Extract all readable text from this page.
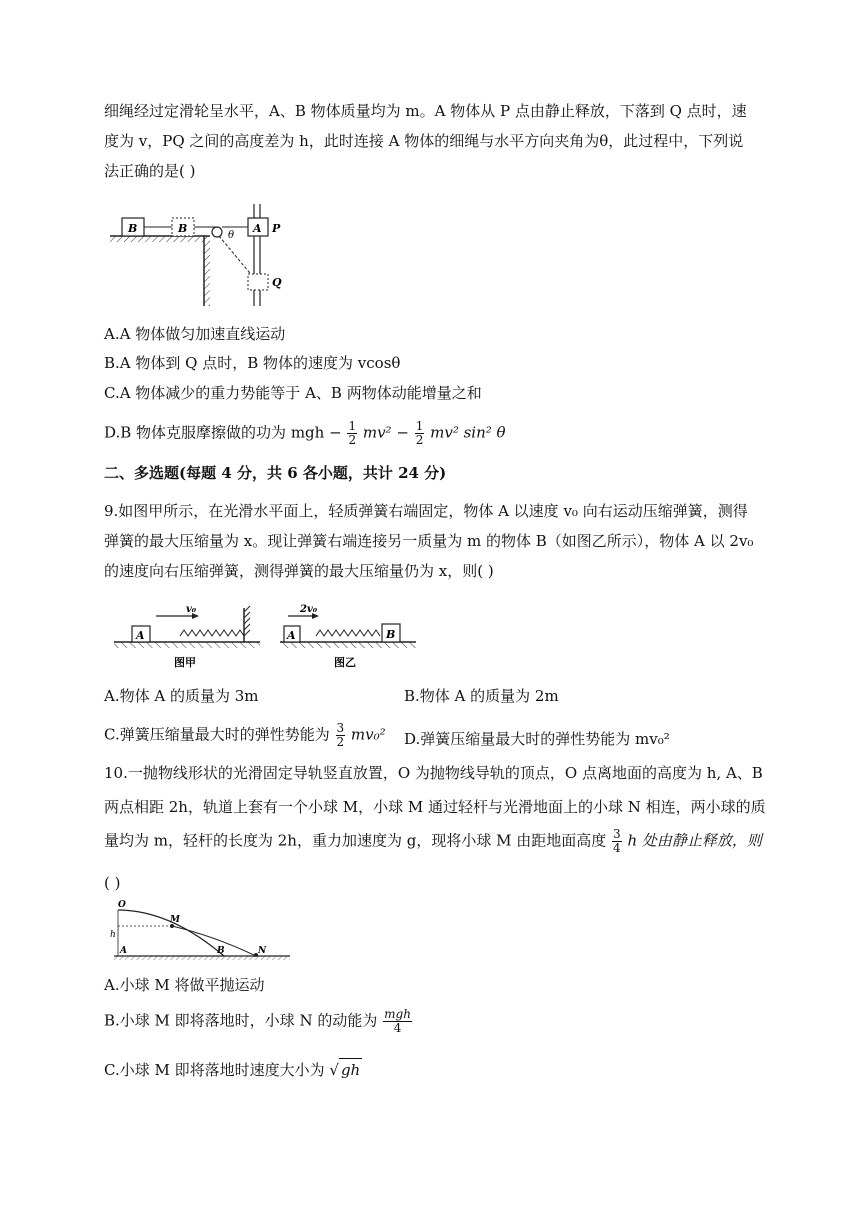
细绳经过定滑轮呈水平，A、B 物体质量均为 m。A 物体从 P 点由静止释放，下落到 Q 点时，速度为 v，PQ 之间的高度差为 h，此时连接 A 物体的细绳与水平方向夹角为θ，此过程中，下列说法正确的是( )

B	B
θ
A P
Q

A.A 物体做匀加速直线运动

B.A 物体到 Q 点时，B 物体的速度为 vcosθ

C.A 物体减少的重力势能等于 A、B 两物体动能增量之和

D.B 物体克服摩擦做的功为 mgh − $\frac{1}{2} mv^2 - \frac{1}{2} mv^2$ sin² θ

二、多选题(每题 4 分，共 6 各小题，共计 24 分)

9.如图甲所示，在光滑水平面上，轻质弹簧右端固定，物体 A 以速度 v₀ 向右运动压缩弹簧，测得弹簧的最大压缩量为 x。现让弹簧右端连接另一质量为 m 的物体 B（如图乙所示），物体 A 以 2v₀ 的速度向右压缩弹簧，测得弹簧的最大压缩量仍为 x，则( )

A
v₀
图甲
A
2v₀
B
图乙

A.物体 A 的质量为 3m	B.物体 A 的质量为 2m

C.弹簧压缩量最大时的弹性势能为 $\frac{3}{2} mv_0^2$ D.弹簧压缩量最大时的弹性势能为 mv₀²

10.一抛物线形状的光滑固定导轨竖直放置，O 为抛物线导轨的顶点，O 点离地面的高度为 h, A、B

两点相距 2h，轨道上套有一个小球 M，小球 M 通过轻杆与光滑地面上的小球 N 相连，两小球的质

量均为 m，轻杆的长度为 2h，重力加速度为 g，现将小球 M 由距地面高度 $\frac{3}{4}$ h 处由静止释放，则

( )

O
M
h
A	B	N

A.小球 M 将做平抛运动

B.小球 M 即将落地时，小球 N 的动能为 $\frac{\text{mgh}}{4}$

C.小球 M 即将落地时速度大小为 √ gh
